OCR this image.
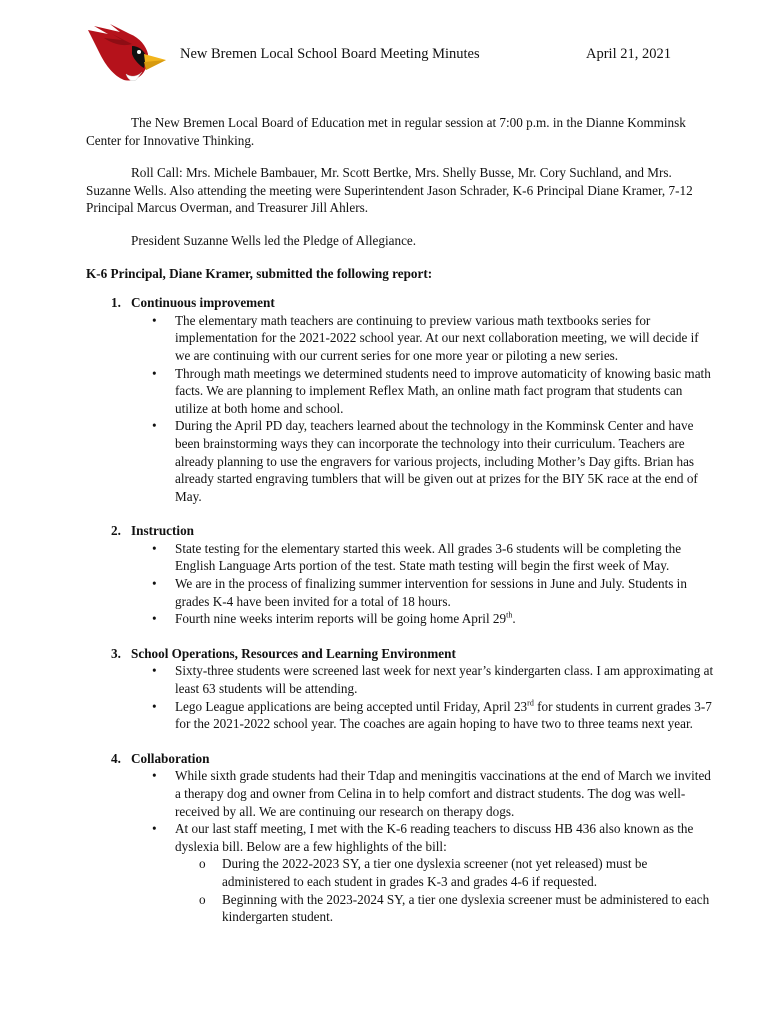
New Bremen Local School Board Meeting Minutes	April 21, 2021

The New Bremen Local Board of Education met in regular session at 7:00 p.m. in the Dianne Komminsk Center for Innovative Thinking.

Roll Call: Mrs. Michele Bambauer, Mr. Scott Bertke, Mrs. Shelly Busse, Mr. Cory Suchland, and Mrs. Suzanne Wells. Also attending the meeting were Superintendent Jason Schrader, K-6 Principal Diane Kramer, 7-12 Principal Marcus Overman, and Treasurer Jill Ahlers.

President Suzanne Wells led the Pledge of Allegiance.

K-6 Principal, Diane Kramer, submitted the following report:

1. Continuous improvement
• The elementary math teachers are continuing to preview various math textbooks series for implementation for the 2021-2022 school year. At our next collaboration meeting, we will decide if we are continuing with our current series for one more year or piloting a new series.
• Through math meetings we determined students need to improve automaticity of knowing basic math facts. We are planning to implement Reflex Math, an online math fact program that students can utilize at both home and school.
• During the April PD day, teachers learned about the technology in the Komminsk Center and have been brainstorming ways they can incorporate the technology into their curriculum. Teachers are already planning to use the engravers for various projects, including Mother’s Day gifts. Brian has already started engraving tumblers that will be given out at prizes for the BIY 5K race at the end of May.
2. Instruction
• State testing for the elementary started this week. All grades 3-6 students will be completing the English Language Arts portion of the test. State math testing will begin the first week of May.
• We are in the process of finalizing summer intervention for sessions in June and July. Students in grades K-4 have been invited for a total of 18 hours.
• Fourth nine weeks interim reports will be going home April 29th.
3. School Operations, Resources and Learning Environment
• Sixty-three students were screened last week for next year’s kindergarten class. I am approximating at least 63 students will be attending.
• Lego League applications are being accepted until Friday, April 23rd for students in current grades 3-7 for the 2021-2022 school year. The coaches are again hoping to have two to three teams next year.
4. Collaboration
• While sixth grade students had their Tdap and meningitis vaccinations at the end of March we invited a therapy dog and owner from Celina in to help comfort and distract students. The dog was well-received by all. We are continuing our research on therapy dogs.
• At our last staff meeting, I met with the K-6 reading teachers to discuss HB 436 also known as the dyslexia bill. Below are a few highlights of the bill:
o During the 2022-2023 SY, a tier one dyslexia screener (not yet released) must be administered to each student in grades K-3 and grades 4-6 if requested.
o Beginning with the 2023-2024 SY, a tier one dyslexia screener must be administered to each kindergarten student.
